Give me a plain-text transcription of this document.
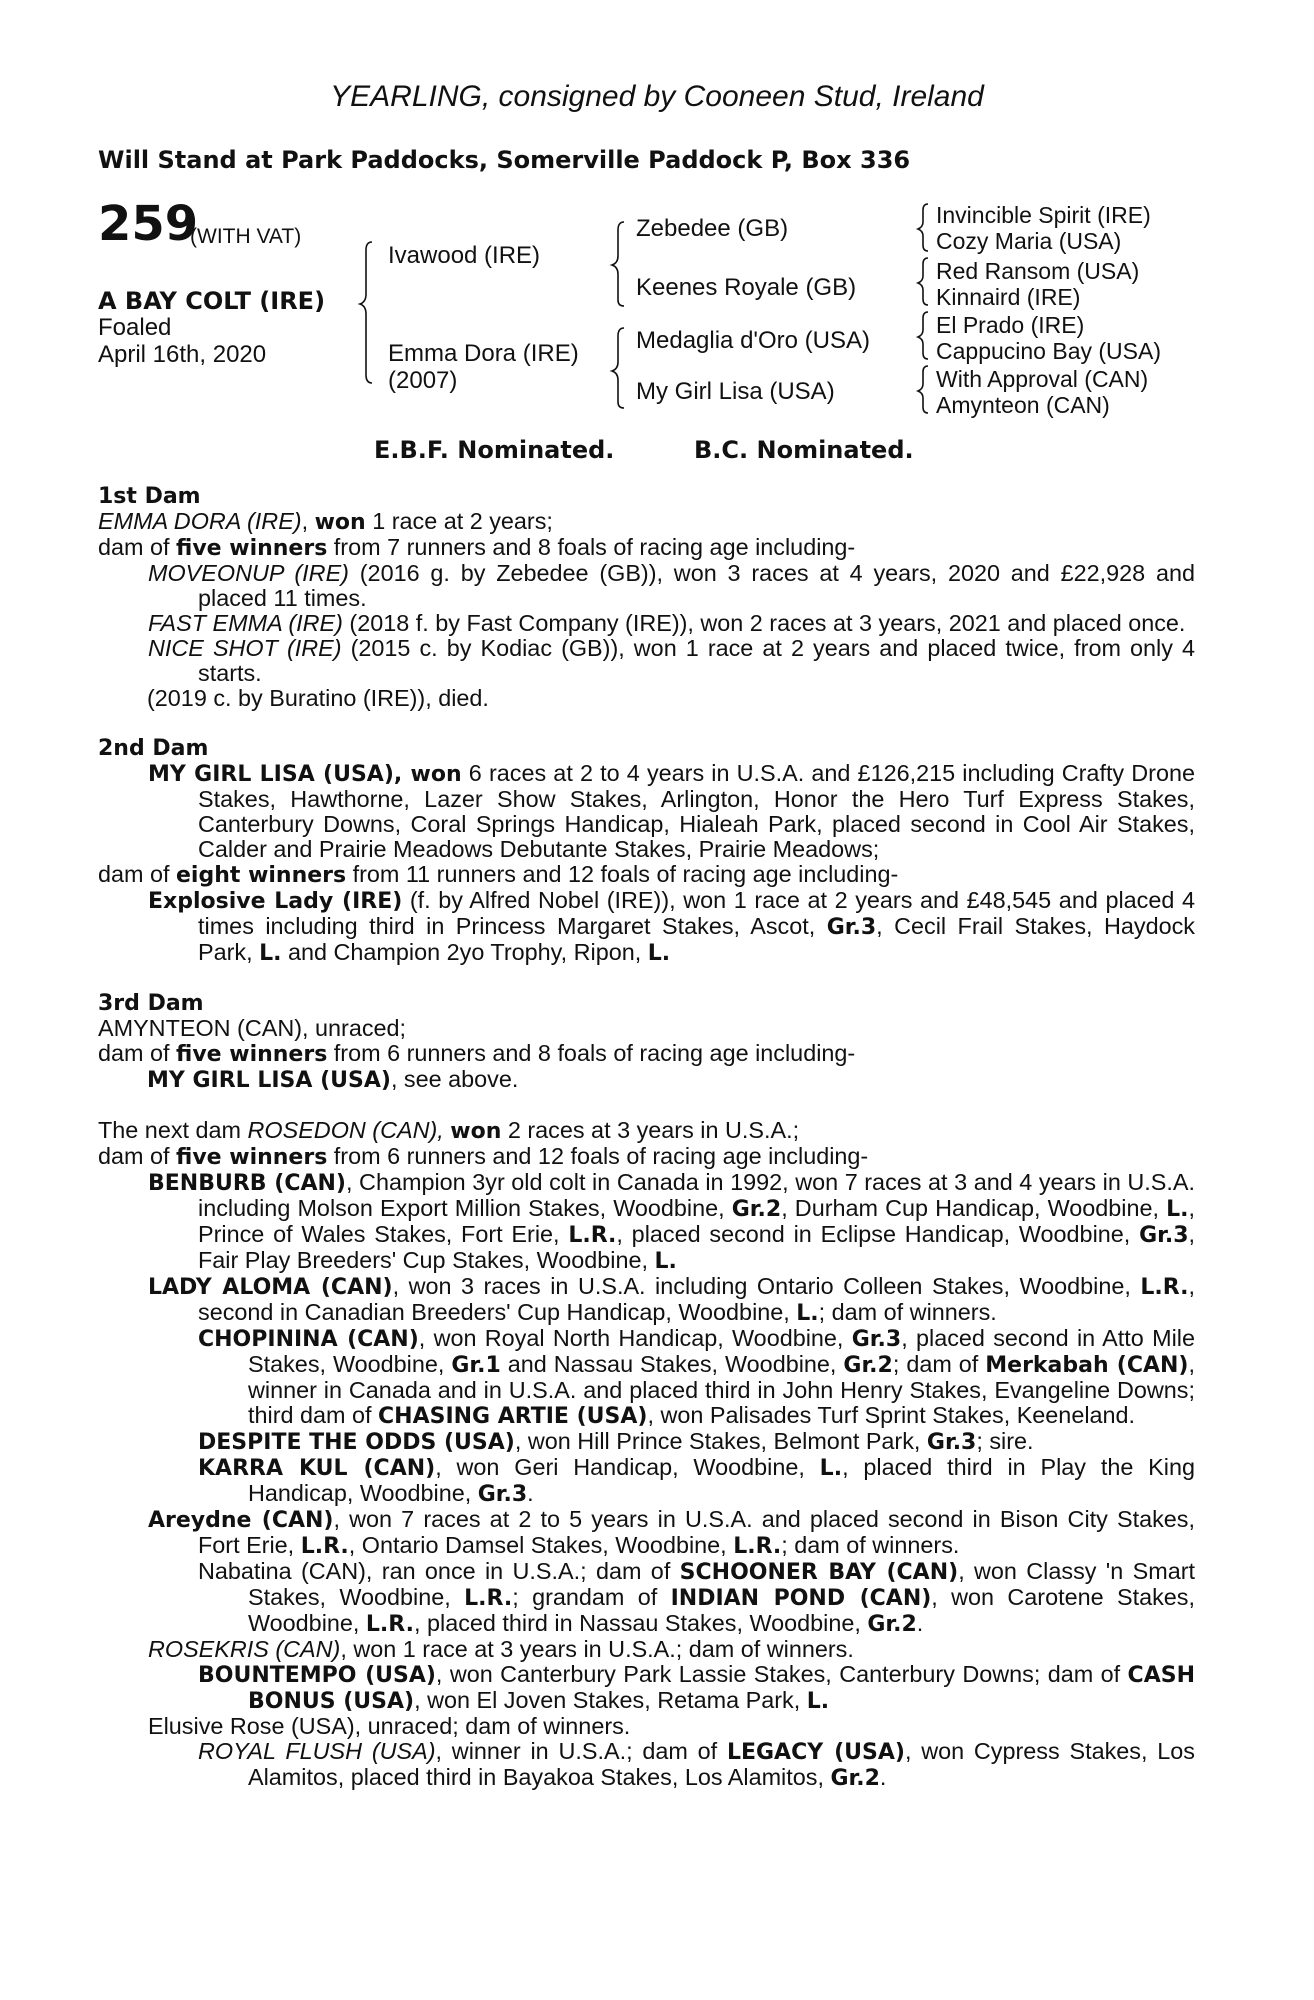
YEARLING, consigned by Cooneen Stud, Ireland
Will Stand at Park Paddocks, Somerville Paddock P, Box 336
259
(WITH VAT)
A BAY COLT (IRE)
Foaled
April 16th, 2020
Ivawood (IRE)
Emma Dora (IRE)
(2007)
Zebedee (GB)
Keenes Royale (GB)
Medaglia d'Oro (USA)
My Girl Lisa (USA)
Invincible Spirit (IRE)
Cozy Maria (USA)
Red Ransom (USA)
Kinnaird (IRE)
El Prado (IRE)
Cappucino Bay (USA)
With Approval (CAN)
Amynteon (CAN)
E.B.F. Nominated.	B.C. Nominated.

1st Dam

EMMA DORA (IRE), won 1 race at 2 years;

dam of five winners from 7 runners and 8 foals of racing age including-

MOVEONUP (IRE) (2016 g. by Zebedee (GB)), won 3 races at 4 years, 2020 and £22,928 and placed 11 times.

FAST EMMA (IRE) (2018 f. by Fast Company (IRE)), won 2 races at 3 years, 2021 and placed once.

NICE SHOT (IRE) (2015 c. by Kodiac (GB)), won 1 race at 2 years and placed twice, from only 4 starts.

(2019 c. by Buratino (IRE)), died.

2nd Dam

MY GIRL LISA (USA), won 6 races at 2 to 4 years in U.S.A. and £126,215 including Crafty Drone Stakes, Hawthorne, Lazer Show Stakes, Arlington, Honor the Hero Turf Express Stakes, Canterbury Downs, Coral Springs Handicap, Hialeah Park, placed second in Cool Air Stakes, Calder and Prairie Meadows Debutante Stakes, Prairie Meadows;

dam of eight winners from 11 runners and 12 foals of racing age including-

Explosive Lady (IRE) (f. by Alfred Nobel (IRE)), won 1 race at 2 years and £48,545 and placed 4 times including third in Princess Margaret Stakes, Ascot, Gr.3, Cecil Frail Stakes, Haydock Park, L. and Champion 2yo Trophy, Ripon, L.

3rd Dam

AMYNTEON (CAN), unraced;

dam of five winners from 6 runners and 8 foals of racing age including-

MY GIRL LISA (USA), see above.

The next dam ROSEDON (CAN), won 2 races at 3 years in U.S.A.;

dam of five winners from 6 runners and 12 foals of racing age including-

BENBURB (CAN), Champion 3yr old colt in Canada in 1992, won 7 races at 3 and 4 years in U.S.A. including Molson Export Million Stakes, Woodbine, Gr.2, Durham Cup Handicap, Woodbine, L., Prince of Wales Stakes, Fort Erie, L.R., placed second in Eclipse Handicap, Woodbine, Gr.3, Fair Play Breeders' Cup Stakes, Woodbine, L.

LADY ALOMA (CAN), won 3 races in U.S.A. including Ontario Colleen Stakes, Woodbine, L.R., second in Canadian Breeders' Cup Handicap, Woodbine, L.; dam of winners.

CHOPININA (CAN), won Royal North Handicap, Woodbine, Gr.3, placed second in Atto Mile Stakes, Woodbine, Gr.1 and Nassau Stakes, Woodbine, Gr.2; dam of Merkabah (CAN), winner in Canada and in U.S.A. and placed third in John Henry Stakes, Evangeline Downs; third dam of CHASING ARTIE (USA), won Palisades Turf Sprint Stakes, Keeneland.

DESPITE THE ODDS (USA), won Hill Prince Stakes, Belmont Park, Gr.3; sire.

KARRA KUL (CAN), won Geri Handicap, Woodbine, L., placed third in Play the King Handicap, Woodbine, Gr.3.

Areydne (CAN), won 7 races at 2 to 5 years in U.S.A. and placed second in Bison City Stakes, Fort Erie, L.R., Ontario Damsel Stakes, Woodbine, L.R.; dam of winners.

Nabatina (CAN), ran once in U.S.A.; dam of SCHOONER BAY (CAN), won Classy 'n Smart Stakes, Woodbine, L.R.; grandam of INDIAN POND (CAN), won Carotene Stakes, Woodbine, L.R., placed third in Nassau Stakes, Woodbine, Gr.2.

ROSEKRIS (CAN), won 1 race at 3 years in U.S.A.; dam of winners.

BOUNTEMPO (USA), won Canterbury Park Lassie Stakes, Canterbury Downs; dam of CASH BONUS (USA), won El Joven Stakes, Retama Park, L.

Elusive Rose (USA), unraced; dam of winners.

ROYAL FLUSH (USA), winner in U.S.A.; dam of LEGACY (USA), won Cypress Stakes, Los Alamitos, placed third in Bayakoa Stakes, Los Alamitos, Gr.2.
